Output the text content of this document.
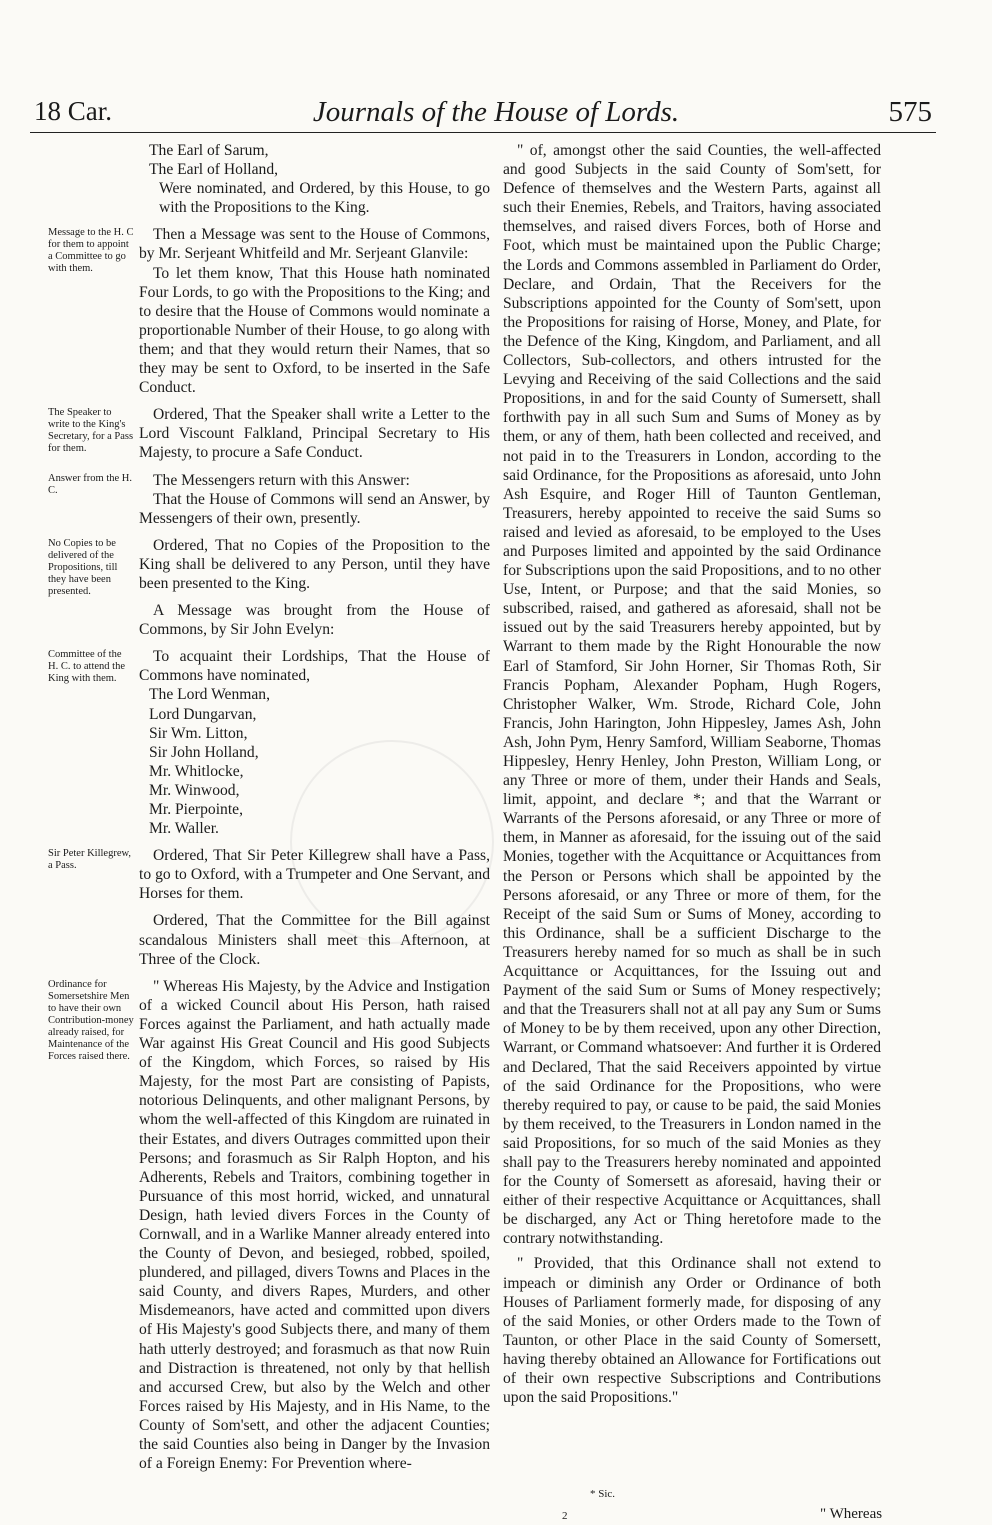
18 Car.	Journals of the House of Lords.	575
The Earl of Sarum,
The Earl of Holland,
Were nominated, and Ordered, by this House, to go with the Propositions to the King.
Message to the H. C for them to appoint a Committee to go with them.
Then a Message was sent to the House of Commons, by Mr. Serjeant Whitfeild and Mr. Serjeant Glanvile:
To let them know, That this House hath nominated Four Lords, to go with the Propositions to the King; and to desire that the House of Commons would nominate a proportionable Number of their House, to go along with them; and that they would return their Names, that so they may be sent to Oxford, to be inserted in the Safe Conduct.
The Speaker to write to the King's Secretary, for a Pass for them.
Ordered, That the Speaker shall write a Letter to the Lord Viscount Falkland, Principal Secretary to His Majesty, to procure a Safe Conduct.
Answer from the H. C.
The Messengers return with this Answer:
That the House of Commons will send an Answer, by Messengers of their own, presently.
No Copies to be delivered of the Propositions, till they have been presented.
Ordered, That no Copies of the Proposition to the King shall be delivered to any Person, until they have been presented to the King.
A Message was brought from the House of Commons, by Sir John Evelyn:
Committee of the H. C. to attend the King with them.
To acquaint their Lordships, That the House of Commons have nominated,
The Lord Wenman,
Lord Dungarvan,
Sir Wm. Litton,
Sir John Holland,
Mr. Whitlocke,
Mr. Winwood,
Mr. Pierpointe,
Mr. Waller.
Sir Peter Killegrew, a Pass.
Ordered, That Sir Peter Killegrew shall have a Pass, to go to Oxford, with a Trumpeter and One Servant, and Horses for them.
Ordered, That the Committee for the Bill against scandalous Ministers shall meet this Afternoon, at Three of the Clock.
Ordinance for Somersetshire Men to have their own Contribution-money already raised, for Maintenance of the Forces raised there.
" Whereas His Majesty, by the Advice and Instigation of a wicked Council about His Person, hath raised Forces against the Parliament, and hath actually made War against His Great Council and His good Subjects of the Kingdom, which Forces, so raised by His Majesty, for the most Part are consisting of Papists, notorious Delinquents, and other malignant Persons, by whom the well-affected of this Kingdom are ruinated in their Estates, and divers Outrages committed upon their Persons; and forasmuch as Sir Ralph Hopton, and his Adherents, Rebels and Traitors, combining together in Pursuance of this most horrid, wicked, and unnatural Design, hath levied divers Forces in the County of Cornwall, and in a Warlike Manner already entered into the County of Devon, and besieged, robbed, spoiled, plundered, and pillaged, divers Towns and Places in the said County, and divers Rapes, Murders, and other Misdemeanors, have acted and committed upon divers of His Majesty's good Subjects there, and many of them hath utterly destroyed; and forasmuch as that now Ruin and Distraction is threatened, not only by that hellish and accursed Crew, but also by the Welch and other Forces raised by His Majesty, and in His Name, to the County of Som'sett, and other the adjacent Counties; the said Counties also being in Danger by the Invasion of a Foreign Enemy: For Prevention where-
" of, amongst other the said Counties, the well-affected and good Subjects in the said County of Som'sett, for Defence of themselves and the Western Parts, against all such their Enemies, Rebels, and Traitors, having associated themselves, and raised divers Forces, both of Horse and Foot, which must be maintained upon the Public Charge; the Lords and Commons assembled in Parliament do Order, Declare, and Ordain, That the Receivers for the Subscriptions appointed for the County of Som'sett, upon the Propositions for raising of Horse, Money, and Plate, for the Defence of the King, Kingdom, and Parliament, and all Collectors, Sub-collectors, and others intrusted for the Levying and Receiving of the said Collections and the said Propositions, in and for the said County of Sumersett, shall forthwith pay in all such Sum and Sums of Money as by them, or any of them, hath been collected and received, and not paid in to the Treasurers in London, according to the said Ordinance, for the Propositions as aforesaid, unto John Ash Esquire, and Roger Hill of Taunton Gentleman, Treasurers, hereby appointed to receive the said Sums so raised and levied as aforesaid, to be employed to the Uses and Purposes limited and appointed by the said Ordinance for Subscriptions upon the said Propositions, and to no other Use, Intent, or Purpose; and that the said Monies, so subscribed, raised, and gathered as aforesaid, shall not be issued out by the said Treasurers hereby appointed, but by Warrant to them made by the Right Honourable the now Earl of Stamford, Sir John Horner, Sir Thomas Roth, Sir Francis Popham, Alexander Popham, Hugh Rogers, Christopher Walker, Wm. Strode, Richard Cole, John Francis, John Harington, John Hippesley, James Ash, John Ash, John Pym, Henry Samford, William Seaborne, Thomas Hippesley, Henry Henley, John Preston, William Long, or any Three or more of them, under their Hands and Seals, limit, appoint, and declare *; and that the Warrant or Warrants of the Persons aforesaid, or any Three or more of them, in Manner as aforesaid, for the issuing out of the said Monies, together with the Acquittance or Acquittances from the Person or Persons which shall be appointed by the Persons aforesaid, or any Three or more of them, for the Receipt of the said Sum or Sums of Money, according to this Ordinance, shall be a sufficient Discharge to the Treasurers hereby named for so much as shall be in such Acquittance or Acquittances, for the Issuing out and Payment of the said Sum or Sums of Money respectively; and that the Treasurers shall not at all pay any Sum or Sums of Money to be by them received, upon any other Direction, Warrant, or Command whatsoever: And further it is Ordered and Declared, That the said Receivers appointed by virtue of the said Ordinance for the Propositions, who were thereby required to pay, or cause to be paid, the said Monies by them received, to the Treasurers in London named in the said Propositions, for so much of the said Monies as they shall pay to the Treasurers hereby nominated and appointed for the County of Somersett as aforesaid, having their or either of their respective Acquittance or Acquittances, shall be discharged, any Act or Thing heretofore made to the contrary notwithstanding.
" Provided, that this Ordinance shall not extend to impeach or diminish any Order or Ordinance of both Houses of Parliament formerly made, for disposing of any of the said Monies, or other Orders made to the Town of Taunton, or other Place in the said County of Somersett, having thereby obtained an Allowance for Fortifications out of their own respective Subscriptions and Contributions upon the said Propositions."
* Sic.
2	" Whereas
